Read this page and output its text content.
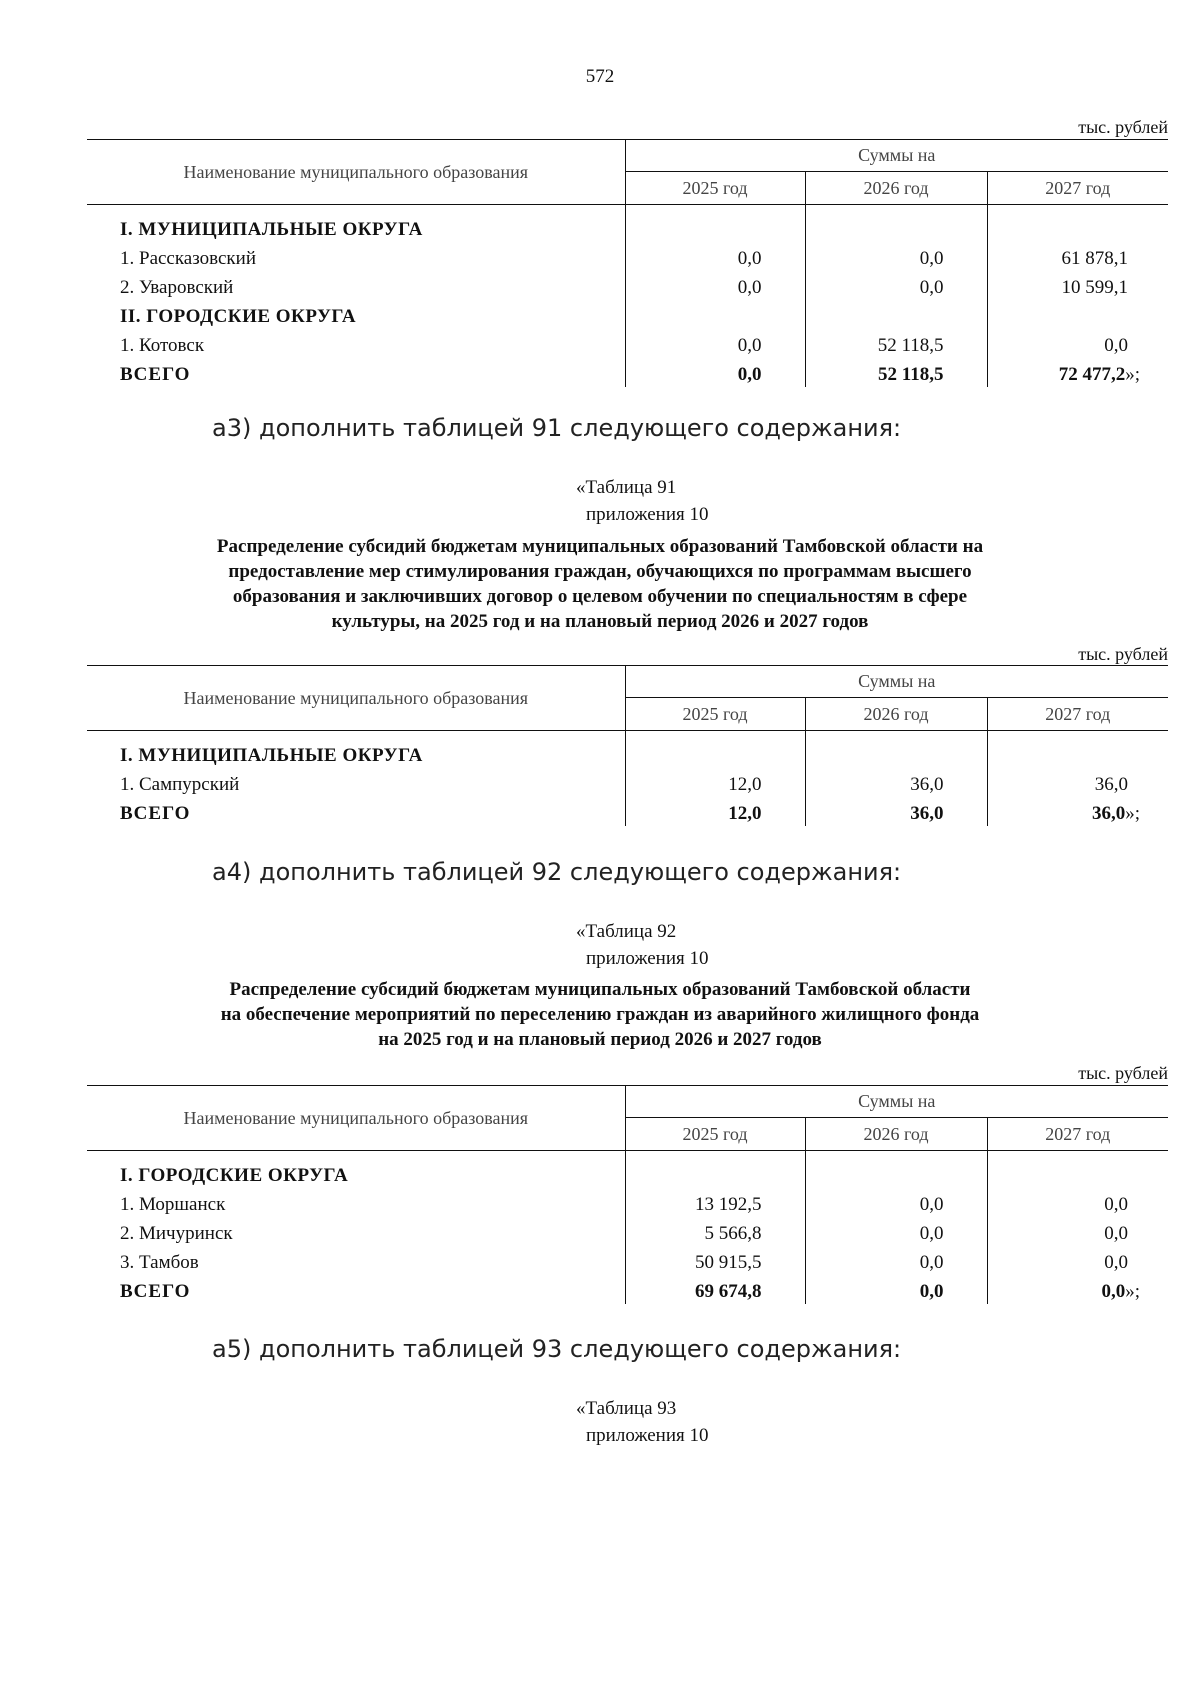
572
тыс. рублей
Наименование муниципального образования	Суммы на		
	2025 год	2026 год	2027 год
I. МУНИЦИПАЛЬНЫЕ ОКРУГА			
1. Рассказовский	0,0	0,0	61 878,1
2. Уваровский	0,0	0,0	10 599,1
II. ГОРОДСКИЕ ОКРУГА			
1. Котовск	0,0	52 118,5	0,0
ВСЕГО	0,0	52 118,5	72 477,2»;
а3) дополнить таблицей 91 следующего содержания:
«Таблица 91
приложения 10
Распределение субсидий бюджетам муниципальных образований Тамбовской области на
предоставление мер стимулирования граждан, обучающихся по программам высшего
образования и заключивших договор о целевом обучении по специальностям в сфере
культуры, на 2025 год и на плановый период 2026 и 2027 годов
тыс. рублей
Наименование муниципального образования	Суммы на		
	2025 год	2026 год	2027 год
I. МУНИЦИПАЛЬНЫЕ ОКРУГА			
1. Сампурский	12,0	36,0	36,0
ВСЕГО	12,0	36,0	36,0»;
а4) дополнить таблицей 92 следующего содержания:
«Таблица 92
приложения 10
Распределение субсидий бюджетам муниципальных образований Тамбовской области
на обеспечение мероприятий по переселению граждан из аварийного жилищного фонда
на 2025 год и на плановый период 2026 и 2027 годов
тыс. рублей
Наименование муниципального образования	Суммы на		
	2025 год	2026 год	2027 год
I. ГОРОДСКИЕ ОКРУГА			
1. Моршанск	13 192,5	0,0	0,0
2. Мичуринск	5 566,8	0,0	0,0
3. Тамбов	50 915,5	0,0	0,0
ВСЕГО	69 674,8	0,0	0,0»;
а5) дополнить таблицей 93 следующего содержания:
«Таблица 93
приложения 10
